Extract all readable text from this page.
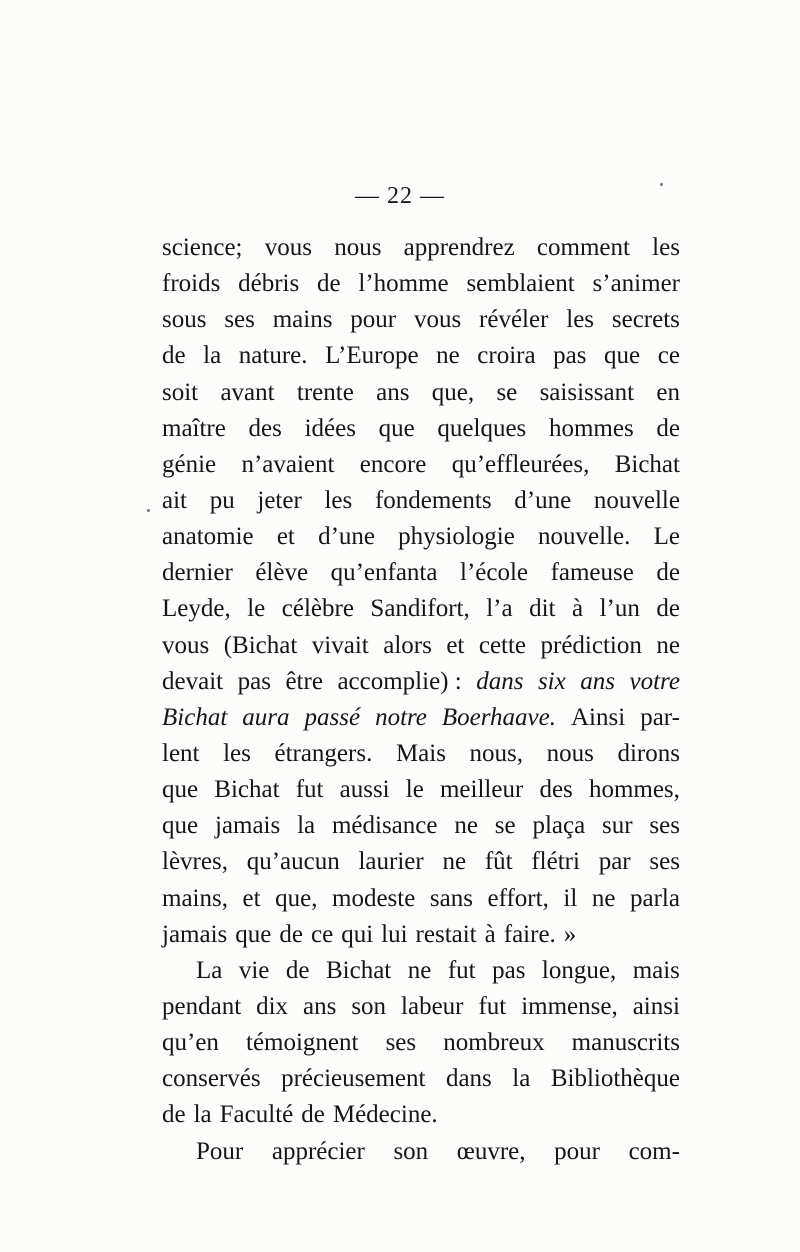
— 22 —
science; vous nous apprendrez comment les
froids débris de l’homme semblaient s’animer
sous ses mains pour vous révéler les secrets
de la nature. L’Europe ne croira pas que ce
soit avant trente ans que, se saisissant en
maître des idées que quelques hommes de
génie n’avaient encore qu’effleurées, Bichat
ait pu jeter les fondements d’une nouvelle
anatomie et d’une physiologie nouvelle. Le
dernier élève qu’enfanta l’école fameuse de
Leyde, le célèbre Sandifort, l’a dit à l’un de
vous (Bichat vivait alors et cette prédiction ne
devait pas être accomplie) : dans six ans votre
Bichat aura passé notre Boerhaave. Ainsi par-
lent les étrangers. Mais nous, nous dirons
que Bichat fut aussi le meilleur des hommes,
que jamais la médisance ne se plaça sur ses
lèvres, qu’aucun laurier ne fût flétri par ses
mains, et que, modeste sans effort, il ne parla
jamais que de ce qui lui restait à faire. »
La vie de Bichat ne fut pas longue, mais
pendant dix ans son labeur fut immense, ainsi
qu’en témoignent ses nombreux manuscrits
conservés précieusement dans la Bibliothèque
de la Faculté de Médecine.
Pour apprécier son œuvre, pour com-
